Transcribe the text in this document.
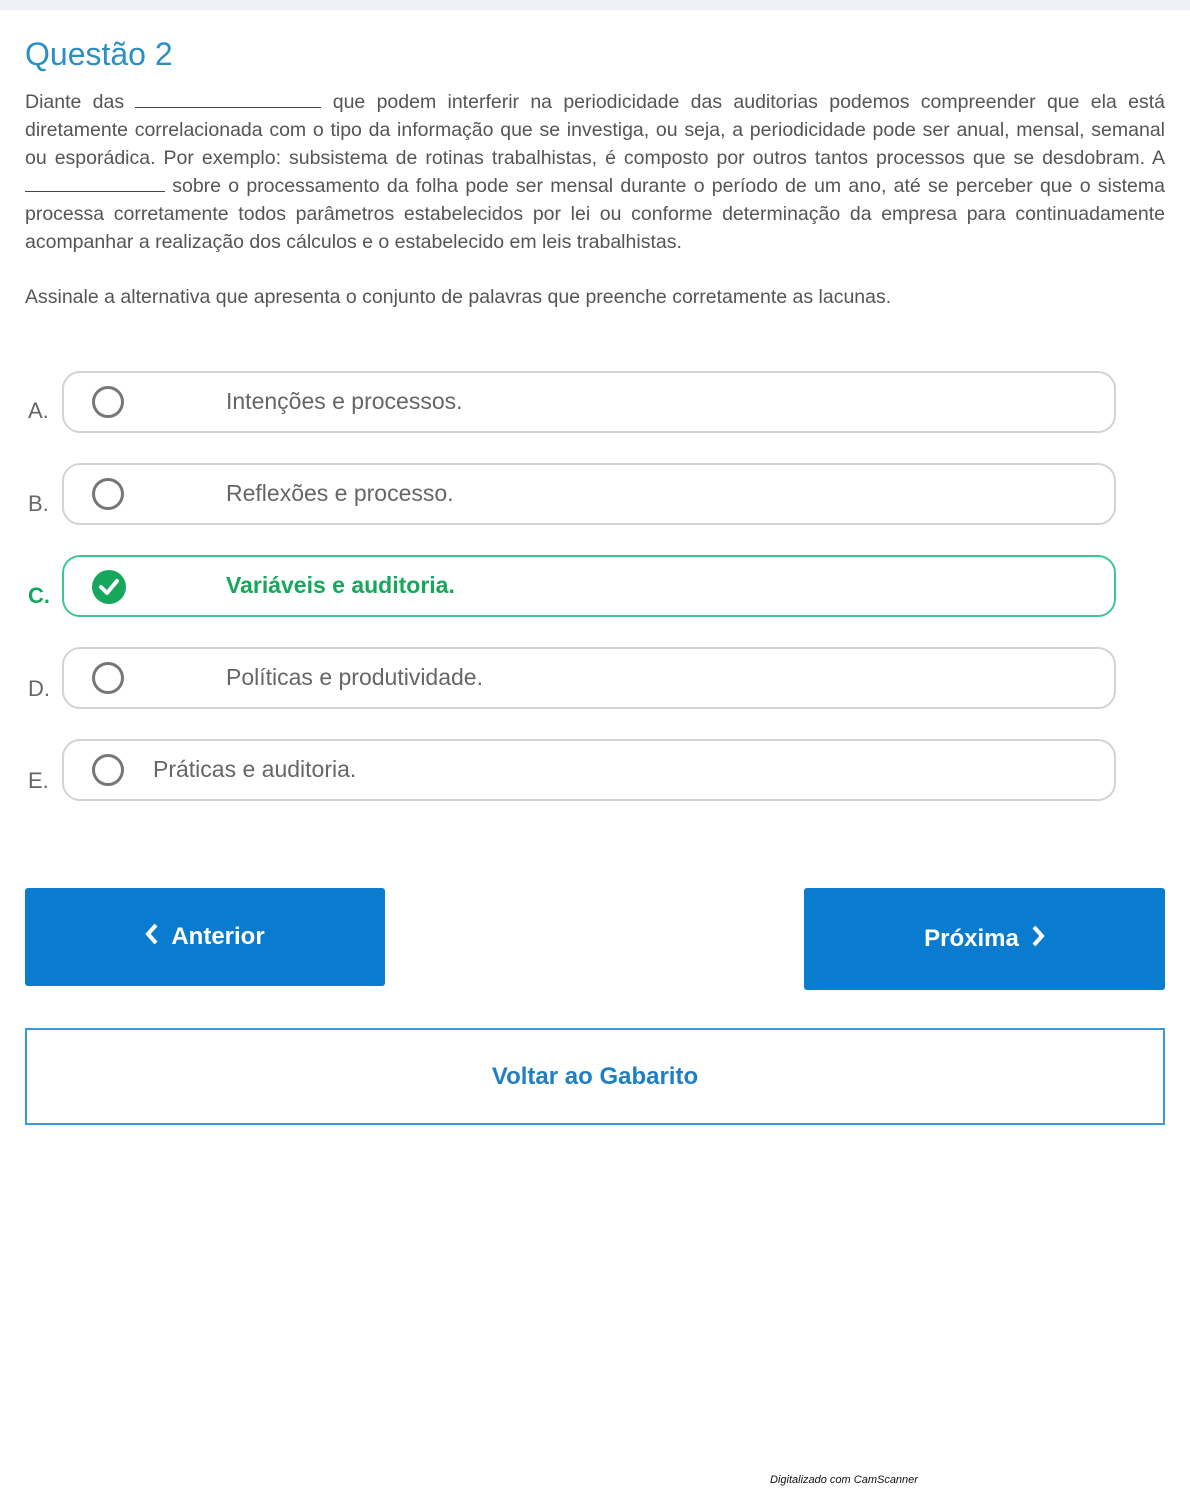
Questão 2

Diante das	que podem interferir na periodicidade das auditorias podemos compreender que ela está diretamente correlacionada com o tipo da informação que se investiga, ou seja, a periodicidade pode ser anual, mensal, semanal ou esporádica. Por exemplo: subsistema de rotinas trabalhistas, é composto por outros tantos processos que se desdobram. A  sobre o processamento da folha pode ser mensal durante o período de um ano, até se perceber que o sistema processa corretamente todos parâmetros estabelecidos por lei ou conforme determinação da empresa para continuadamente acompanhar a realização dos cálculos e o estabelecido em leis trabalhistas.

Assinale a alternativa que apresenta o conjunto de palavras que preenche corretamente as lacunas.

A.	Intenções e processos.
B.	Reflexões e processo.
C.	Variáveis e auditoria.
D.	Políticas e produtividade.
E.	Práticas e auditoria.
Anterior	Próxima
Voltar ao Gabarito
Digitalizado com CamScanner
